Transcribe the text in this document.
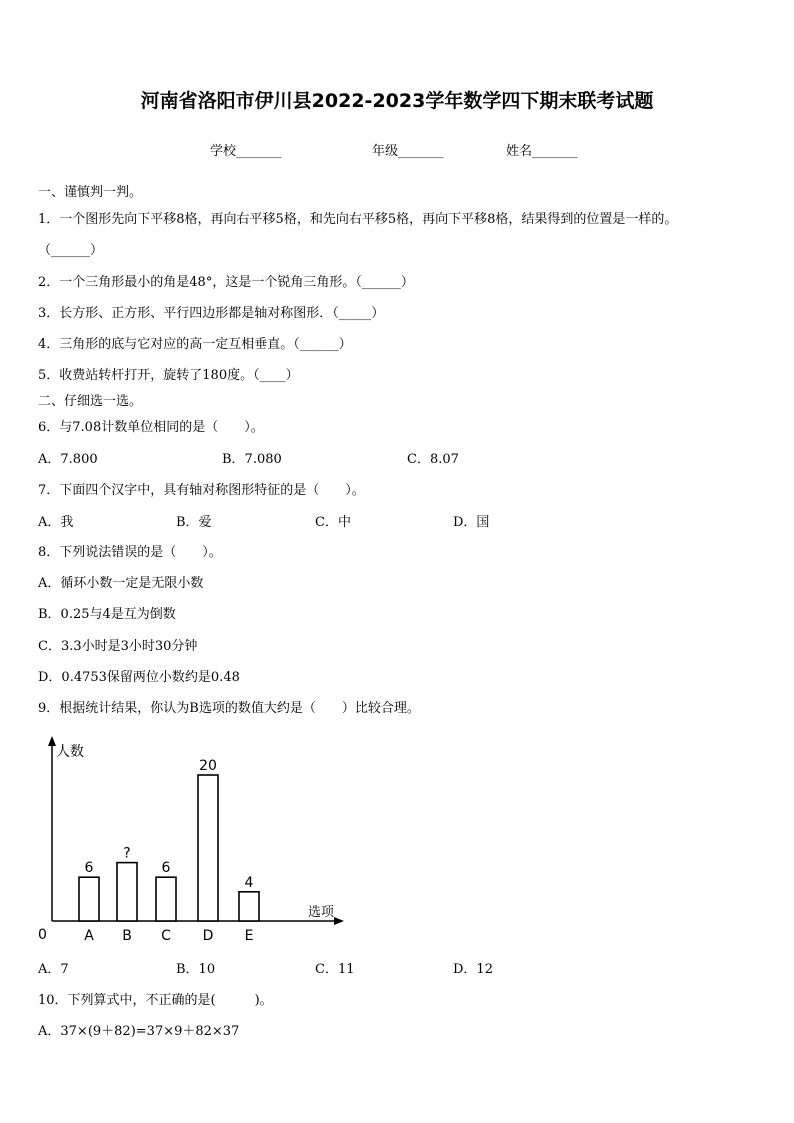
河南省洛阳市伊川县2022-2023学年数学四下期末联考试题
学校_______	年级_______	姓名_______
一、谨慎判一判。
1．一个图形先向下平移8格，再向右平移5格，和先向右平移5格，再向下平移8格，结果得到的位置是一样的。
（______）
2．一个三角形最小的角是48°，这是一个锐角三角形。（______）
3．长方形、正方形、平行四边形都是轴对称图形．（_____）
4．三角形的底与它对应的高一定互相垂直。（______）
5．收费站转杆打开，旋转了180度。（____）
二、仔细选一选。
6．与7.08计数单位相同的是（　　）。
A．7.800	B．7.080	C．8.07
7．下面四个汉字中，具有轴对称图形特征的是（　　）。
A．我	B．爱	C．中	D．国
8．下列说法错误的是（　　）。
A．循环小数一定是无限小数
B．0.25与4是互为倒数
C．3.3小时是3小时30分钟
D．0.4753保留两位小数约是0.48
9．根据统计结果，你认为B选项的数值大约是（　　）比较合理。
人数
选项
0
6
A
?
B
6
C
20
D
4
E
A．7	B．10	C．11	D．12
10．下列算式中，不正确的是(　　　)。
A．37×(9＋82)=37×9＋82×37
